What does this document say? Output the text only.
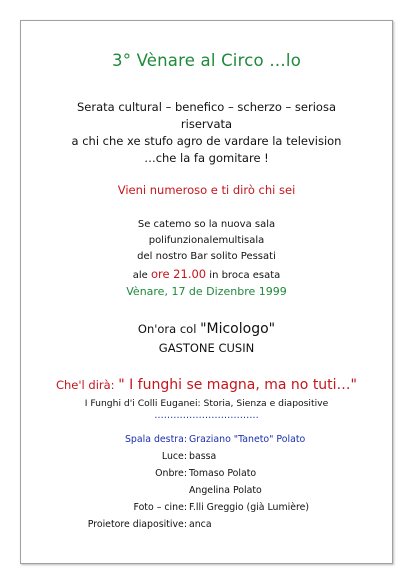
3° Vènare al Circo …lo
Serata cultural – benefico – scherzo – seriosa
riservata
a chi che xe stufo agro de vardare la television
…che la fa gomitare !
Vieni numeroso e ti dirò chi sei
Se catemo so la nuova sala
polifunzionalemultisala
del nostro Bar solito Pessati
ale ore 21.00 in broca esata
Vènare, 17 de Dizenbre 1999
On'ora col "Micologo"
GASTONE CUSIN
Che'l dirà: " I funghi se magna, ma no tuti…"
I Funghi d'i Colli Euganei: Storia, Sienza e diapositive
……………………………
Spala destra: Graziano "Taneto" Polato
Luce: bassa
Onbre: Tomaso Polato
Angelina Polato
Foto – cine: F.lli Greggio (già Lumière)
Proietore diapositive: anca
